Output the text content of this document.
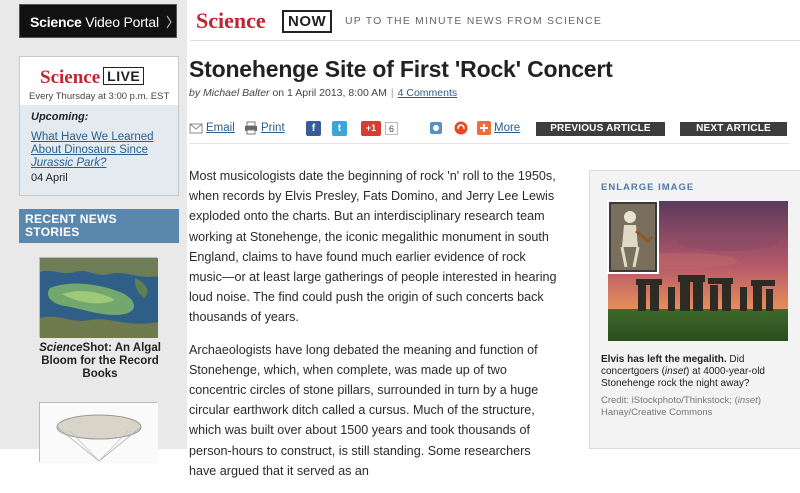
Science Video Portal
Science LIVE
Every Thursday at 3:00 p.m. EST
Upcoming:
What Have We Learned About Dinosaurs Since Jurassic Park?
04 April
RECENT NEWS STORIES
ScienceShot: An Algal Bloom for the Record Books
Science	NOW	UP TO THE MINUTE NEWS FROM SCIENCE
Stonehenge Site of First 'Rock' Concert
by Michael Balter on 1 April 2013, 8:00 AM | 4 Comments
Email Print	f	t	+1	6	More	PREVIOUS ARTICLE	NEXT ARTICLE

Most musicologists date the beginning of rock 'n' roll to the 1950s, when records by Elvis Presley, Fats Domino, and Jerry Lee Lewis exploded onto the charts. But an interdisciplinary research team working at Stonehenge, the iconic megalithic monument in south England, claims to have found much earlier evidence of rock music—or at least large gatherings of people interested in hearing loud noise. The find could push the origin of such concerts back thousands of years.

Archaeologists have long debated the meaning and function of Stonehenge, which, when complete, was made up of two concentric circles of stone pillars, surrounded in turn by a huge circular earthwork ditch called a cursus. Much of the structure, which was built over about 1500 years and took thousands of person-hours to construct, is still standing. Some researchers have argued that it served as an

ENLARGE IMAGE
Elvis has left the megalith. Did concertgoers (inset) at 4000-year-old Stonehenge rock the night away?
Credit: iStockphoto/Thinkstock; (inset) Hanay/Creative Commons
